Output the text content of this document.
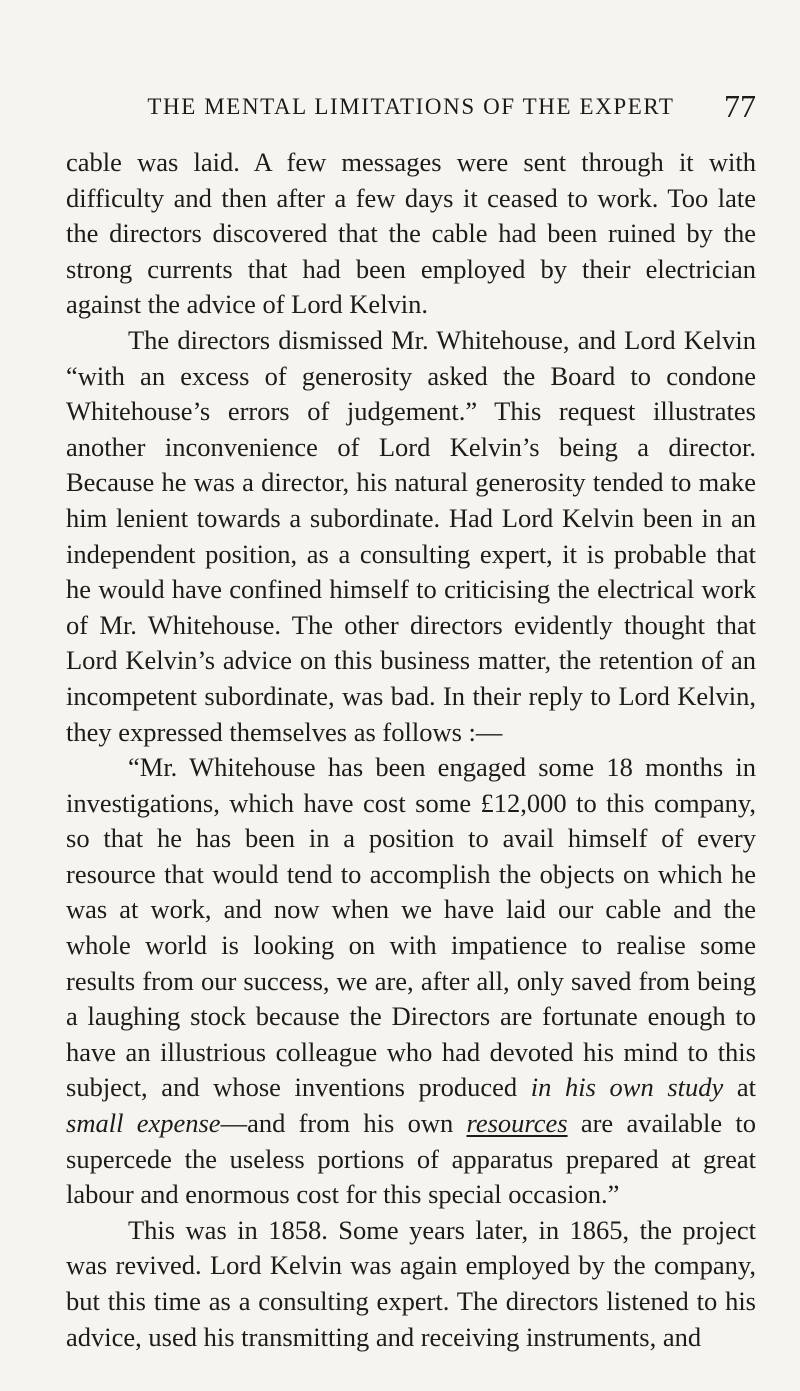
THE MENTAL LIMITATIONS OF THE EXPERT	77

cable was laid. A few messages were sent through it with difficulty and then after a few days it ceased to work. Too late the directors discovered that the cable had been ruined by the strong currents that had been employed by their electrician against the advice of Lord Kelvin.

The directors dismissed Mr. Whitehouse, and Lord Kelvin “with an excess of generosity asked the Board to condone Whitehouse’s errors of judgement.” This request illustrates another inconvenience of Lord Kelvin’s being a director. Because he was a director, his natural generosity tended to make him lenient towards a subordinate. Had Lord Kelvin been in an independent position, as a consulting expert, it is probable that he would have confined himself to criticising the electrical work of Mr. Whitehouse. The other directors evidently thought that Lord Kelvin’s advice on this business matter, the retention of an incompetent subordinate, was bad. In their reply to Lord Kelvin, they expressed themselves as follows :—

“Mr. Whitehouse has been engaged some 18 months in investigations, which have cost some £12,000 to this company, so that he has been in a position to avail himself of every resource that would tend to accomplish the objects on which he was at work, and now when we have laid our cable and the whole world is looking on with impatience to realise some results from our success, we are, after all, only saved from being a laughing stock because the Directors are fortunate enough to have an illustrious colleague who had devoted his mind to this subject, and whose inventions produced in his own study at small expense—and from his own resources are available to supercede the useless portions of apparatus prepared at great labour and enormous cost for this special occasion.”

This was in 1858. Some years later, in 1865, the project was revived. Lord Kelvin was again employed by the company, but this time as a consulting expert. The directors listened to his advice, used his transmitting and receiving instruments, and
